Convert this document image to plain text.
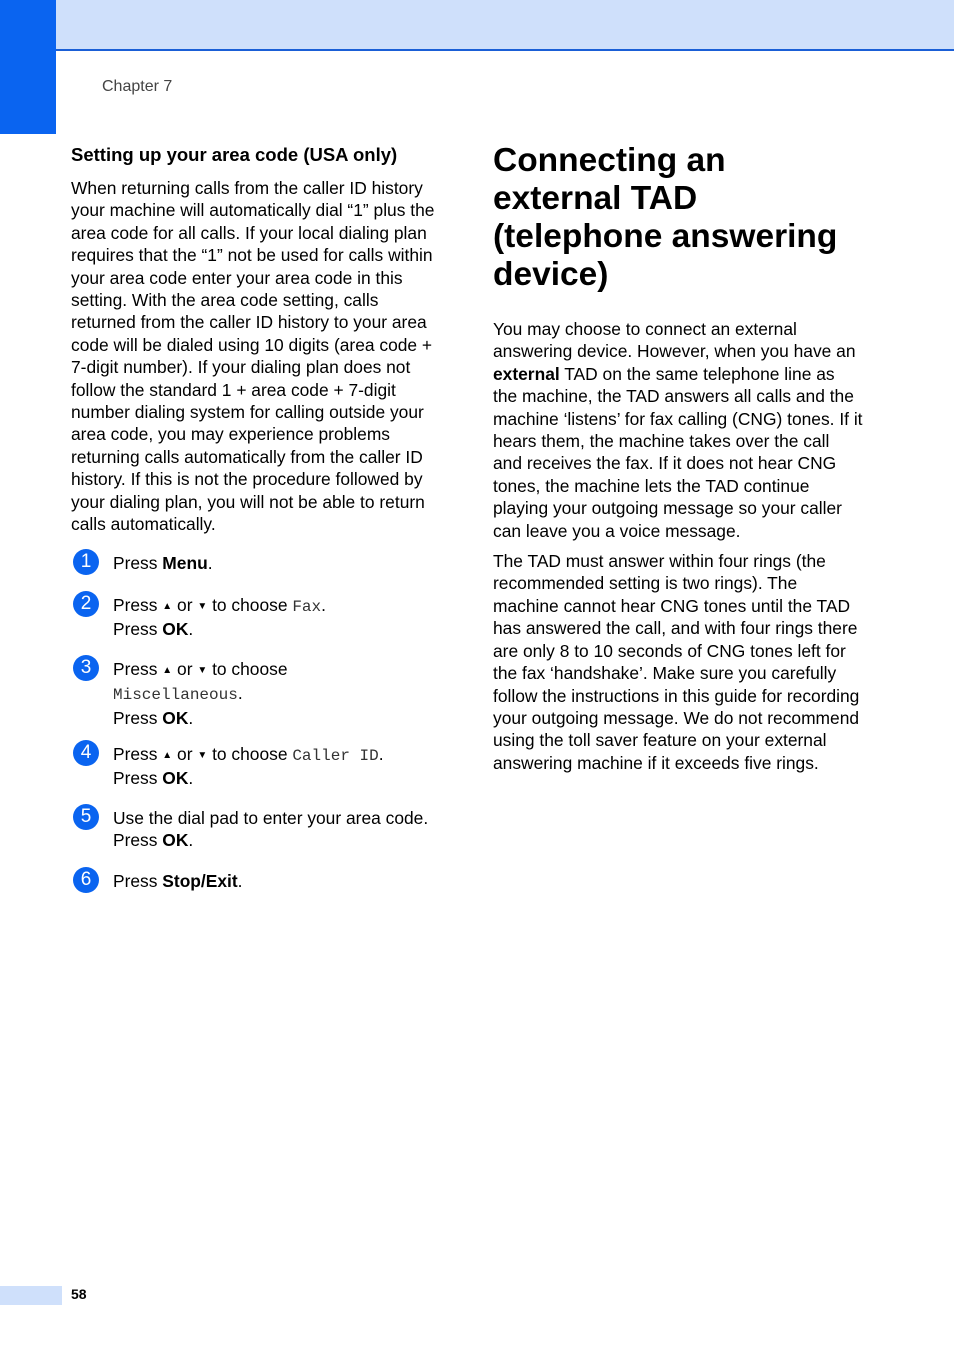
Chapter 7

Setting up your area code (USA only)

When returning calls from the caller ID history your machine will automatically dial “1” plus the area code for all calls. If your local dialing plan requires that the “1” not be used for calls within your area code enter your area code in this setting. With the area code setting, calls returned from the caller ID history to your area code will be dialed using 10 digits (area code + 7-digit number). If your dialing plan does not follow the standard 1 + area code + 7-digit number dialing system for calling outside your area code, you may experience problems returning calls automatically from the caller ID history. If this is not the procedure followed by your dialing plan, you will not be able to return calls automatically.

1	Press Menu.
2	Press ▲ or ▼ to choose Fax.
Press OK.
3	Press ▲ or ▼ to choose
Miscellaneous.
Press OK.
4	Press ▲ or ▼ to choose Caller ID.
Press OK.
5	Use the dial pad to enter your area code.
Press OK.
6	Press Stop/Exit.

Connecting an external TAD (telephone answering device)

You may choose to connect an external answering device. However, when you have an external TAD on the same telephone line as the machine, the TAD answers all calls and the machine ‘listens’ for fax calling (CNG) tones. If it hears them, the machine takes over the call and receives the fax. If it does not hear CNG tones, the machine lets the TAD continue playing your outgoing message so your caller can leave you a voice message.

The TAD must answer within four rings (the recommended setting is two rings). The machine cannot hear CNG tones until the TAD has answered the call, and with four rings there are only 8 to 10 seconds of CNG tones left for the fax ‘handshake’. Make sure you carefully follow the instructions in this guide for recording your outgoing message. We do not recommend using the toll saver feature on your external answering machine if it exceeds five rings.

58
